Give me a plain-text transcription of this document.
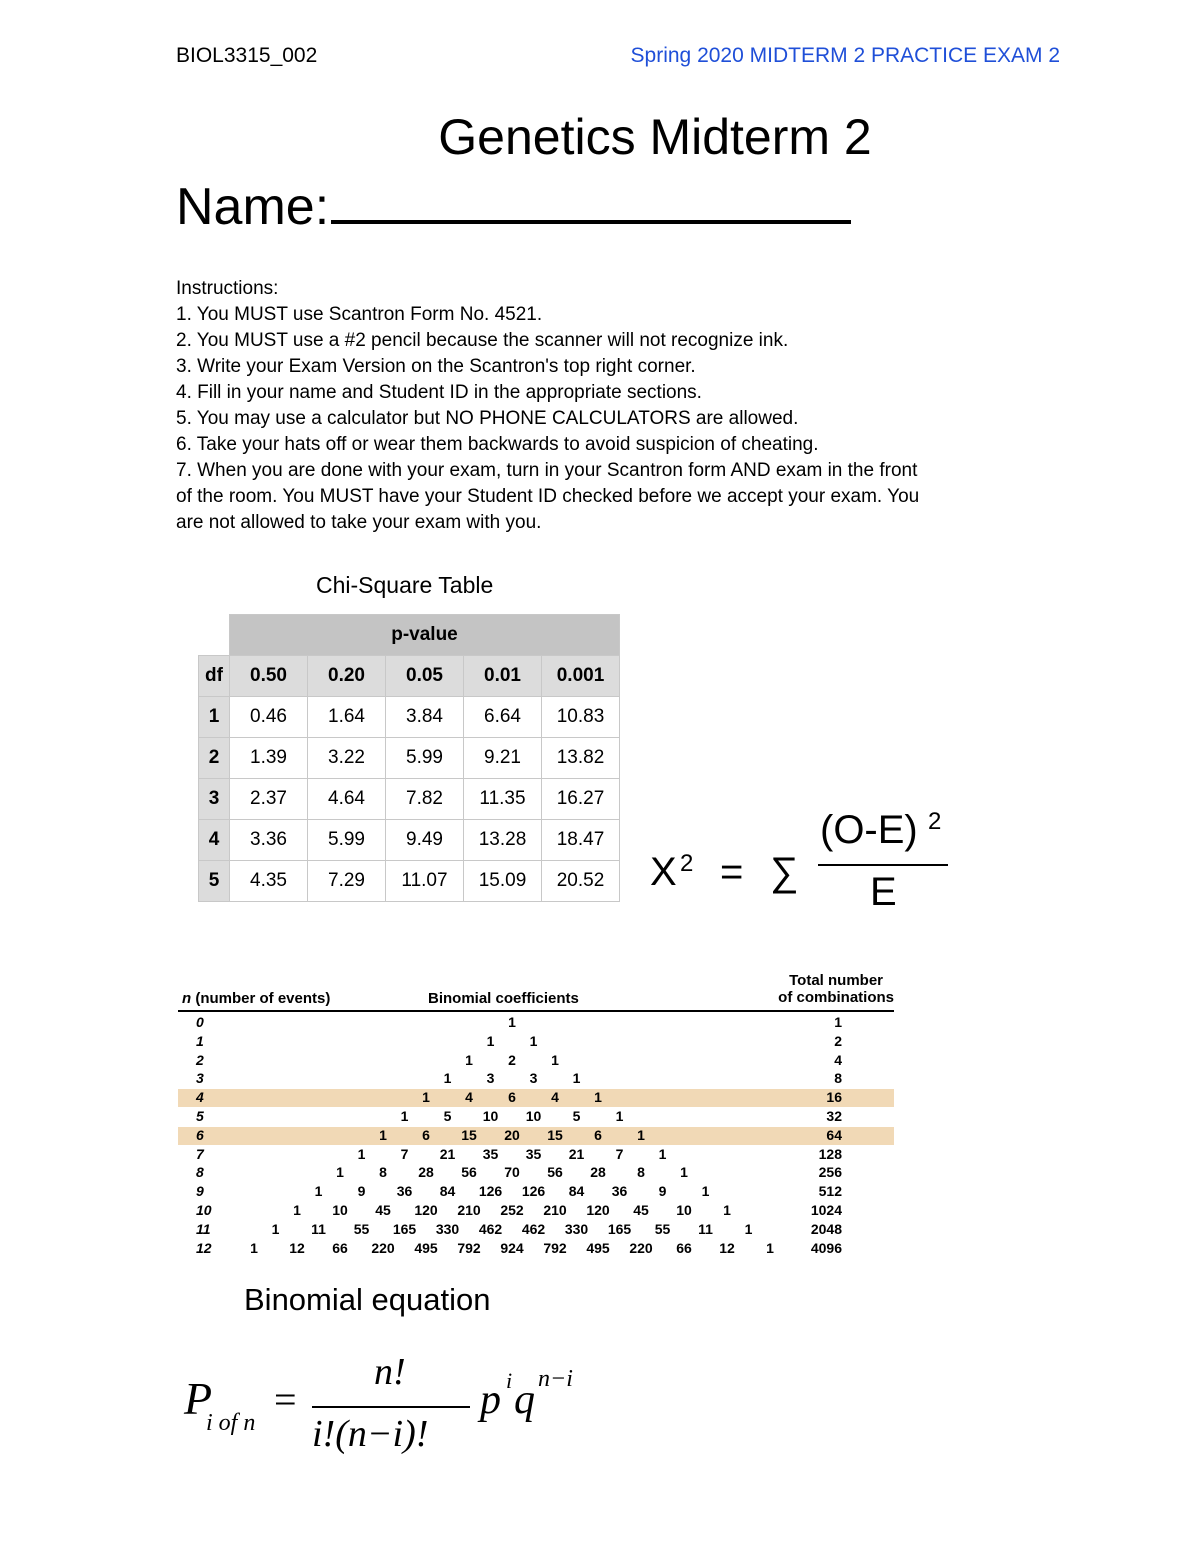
BIOL3315_002	Spring 2020 MIDTERM 2 PRACTICE EXAM 2
Genetics Midterm 2
Name:
Instructions:
1. You MUST use Scantron Form No. 4521.
2. You MUST use a #2 pencil because the scanner will not recognize ink.
3. Write your Exam Version on the Scantron's top right corner.
4. Fill in your name and Student ID in the appropriate sections.
5. You may use a calculator but NO PHONE CALCULATORS are allowed.
6. Take your hats off or wear them backwards to avoid suspicion of cheating.
7. When you are done with your exam, turn in your Scantron form AND exam in the front of the room. You MUST have your Student ID checked before we accept your exam. You are not allowed to take your exam with you.
Chi-Square Table
	p-value				
df	0.50	0.20	0.05	0.01	0.001
1	0.46	1.64	3.84	6.64	10.83
2	1.39	3.22	5.99	9.21	13.82
3	2.37	4.64	7.82	11.35	16.27
4	3.36	5.99	9.49	13.28	18.47
5	4.35	7.29	11.07	15.09	20.52 X 2 = ∑
(O-E) 2
E
n (number of events)	Binomial coefficients
Total number
of combinations
0	1	1
1	1	1	2
2	1	2	1	4
3	1	3	3	1	8
4	1	4	6	4	1	16
5	1	5	10	10	5	1	32
6	1	6	15	20	15	6	1	64
7	1	7	21	35	35	21	7	1	128
8	1	8	28	56	70	56	28	8	1	256
9	1	9	36	84	126 126	84	36	9	1	512
10	1	10	45	120 210 252 210 120	45	10	1	1024
11	1	11	55	165 330 462 462 330 165	55	11	1	2048
12	1	12	66	220 495 792 924 792 495 220	66	12	1	4096
Binomial equation
P
i of n
=
n!
i!(n−i)!
p i q n−i
